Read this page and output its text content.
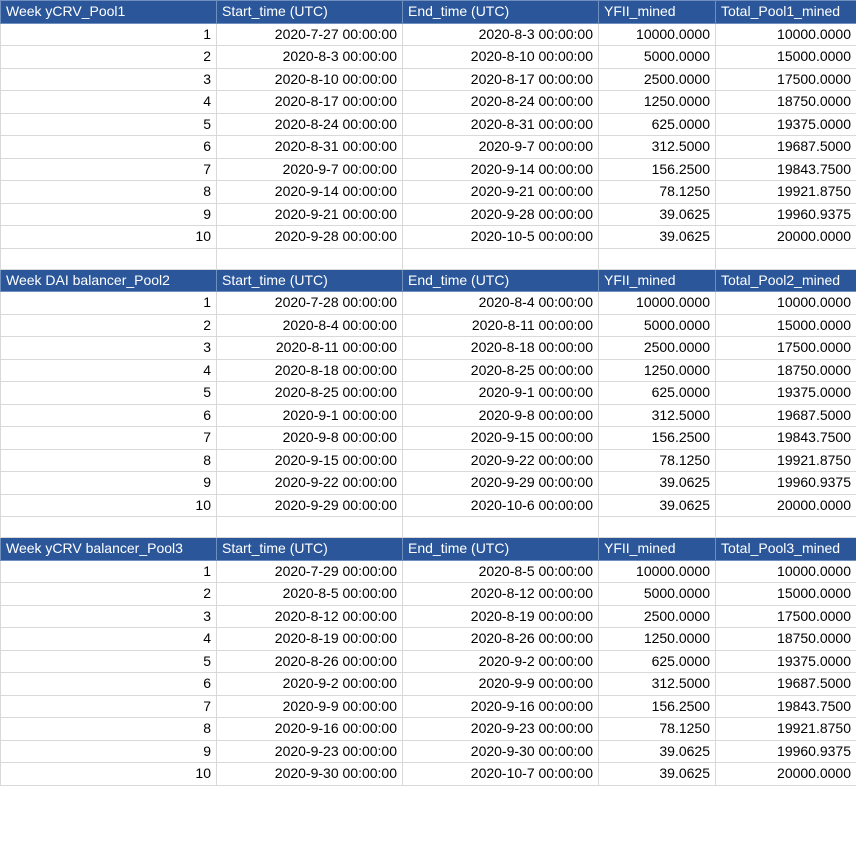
Week yCRV_Pool1	Start_time (UTC)	End_time (UTC)	YFII_mined	Total_Pool1_mined
1	2020-7-27 00:00:00	2020-8-3 00:00:00	10000.0000	10000.0000
2	2020-8-3 00:00:00	2020-8-10 00:00:00	5000.0000	15000.0000
3	2020-8-10 00:00:00	2020-8-17 00:00:00	2500.0000	17500.0000
4	2020-8-17 00:00:00	2020-8-24 00:00:00	1250.0000	18750.0000
5	2020-8-24 00:00:00	2020-8-31 00:00:00	625.0000	19375.0000
6	2020-8-31 00:00:00	2020-9-7 00:00:00	312.5000	19687.5000
7	2020-9-7 00:00:00	2020-9-14 00:00:00	156.2500	19843.7500
8	2020-9-14 00:00:00	2020-9-21 00:00:00	78.1250	19921.8750
9	2020-9-21 00:00:00	2020-9-28 00:00:00	39.0625	19960.9375
10	2020-9-28 00:00:00	2020-10-5 00:00:00	39.0625	20000.0000

Week DAI balancer_Pool2	Start_time (UTC)	End_time (UTC)	YFII_mined	Total_Pool2_mined
1	2020-7-28 00:00:00	2020-8-4 00:00:00	10000.0000	10000.0000
2	2020-8-4 00:00:00	2020-8-11 00:00:00	5000.0000	15000.0000
3	2020-8-11 00:00:00	2020-8-18 00:00:00	2500.0000	17500.0000
4	2020-8-18 00:00:00	2020-8-25 00:00:00	1250.0000	18750.0000
5	2020-8-25 00:00:00	2020-9-1 00:00:00	625.0000	19375.0000
6	2020-9-1 00:00:00	2020-9-8 00:00:00	312.5000	19687.5000
7	2020-9-8 00:00:00	2020-9-15 00:00:00	156.2500	19843.7500
8	2020-9-15 00:00:00	2020-9-22 00:00:00	78.1250	19921.8750
9	2020-9-22 00:00:00	2020-9-29 00:00:00	39.0625	19960.9375
10	2020-9-29 00:00:00	2020-10-6 00:00:00	39.0625	20000.0000

Week yCRV balancer_Pool3	Start_time (UTC)	End_time (UTC)	YFII_mined	Total_Pool3_mined
1	2020-7-29 00:00:00	2020-8-5 00:00:00	10000.0000	10000.0000
2	2020-8-5 00:00:00	2020-8-12 00:00:00	5000.0000	15000.0000
3	2020-8-12 00:00:00	2020-8-19 00:00:00	2500.0000	17500.0000
4	2020-8-19 00:00:00	2020-8-26 00:00:00	1250.0000	18750.0000
5	2020-8-26 00:00:00	2020-9-2 00:00:00	625.0000	19375.0000
6	2020-9-2 00:00:00	2020-9-9 00:00:00	312.5000	19687.5000
7	2020-9-9 00:00:00	2020-9-16 00:00:00	156.2500	19843.7500
8	2020-9-16 00:00:00	2020-9-23 00:00:00	78.1250	19921.8750
9	2020-9-23 00:00:00	2020-9-30 00:00:00	39.0625	19960.9375
10	2020-9-30 00:00:00	2020-10-7 00:00:00	39.0625	20000.0000
